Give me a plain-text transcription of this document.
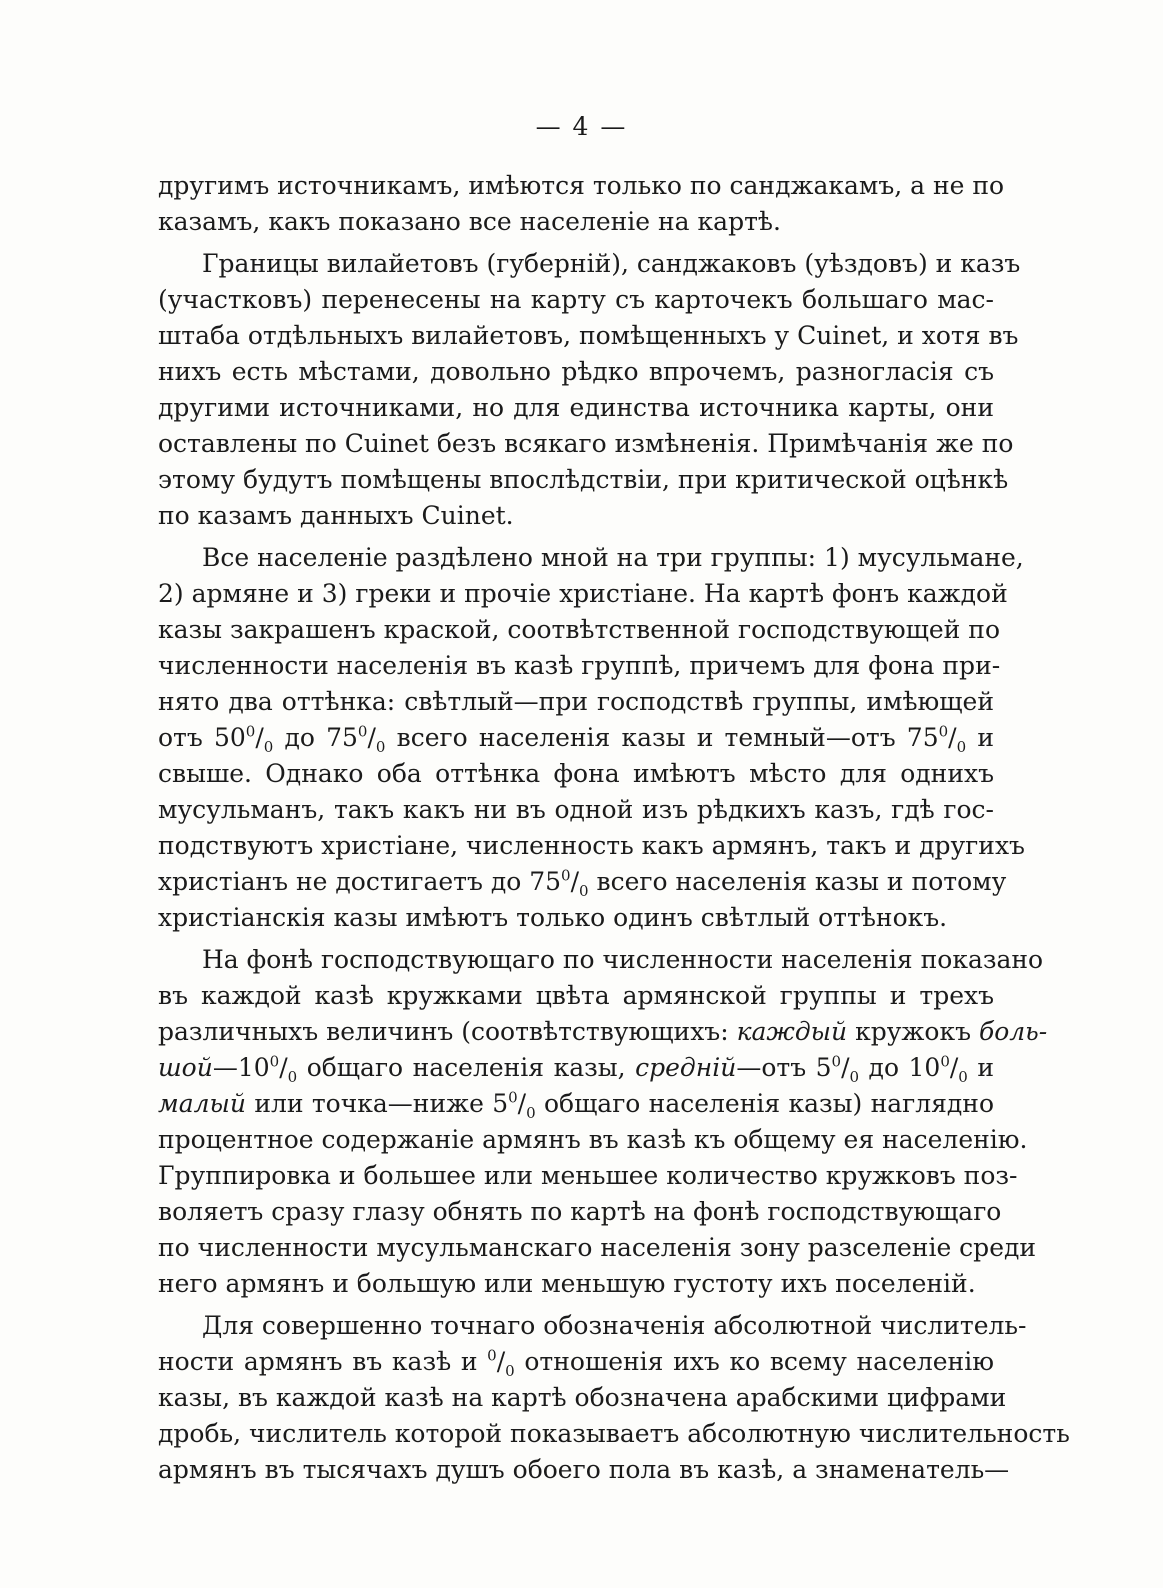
— 4 —
другимъ источникамъ, имѣются только по санджакамъ, а не по
казамъ, какъ показано все населеніе на картѣ.
Границы вилайетовъ (губерній), санджаковъ (уѣздовъ) и казъ
(участковъ) перенесены на карту съ карточекъ большаго мас-
штаба отдѣльныхъ вилайетовъ, помѣщенныхъ у Cuinet, и хотя въ
нихъ есть мѣстами, довольно рѣдко впрочемъ, разногласія съ
другими источниками, но для единства источника карты, они
оставлены по Cuinet безъ всякаго измѣненія. Примѣчанія же по
этому будутъ помѣщены впослѣдствіи, при критической оцѣнкѣ
по казамъ данныхъ Cuinet.
Все населеніе раздѣлено мной на три группы: 1) мусульмане,
2) армяне и 3) греки и прочіе христіане. На картѣ фонъ каждой
казы закрашенъ краской, соотвѣтственной господствующей по
численности населенія въ казѣ группѣ, причемъ для фона при-
нято два оттѣнка: свѣтлый—при господствѣ группы, имѣющей
отъ $50^0/_0$ до $75^0/_0$ всего населенія казы и темный—отъ $75^0/_0$ и
свыше. Однако оба оттѣнка фона имѣютъ мѣсто для однихъ
мусульманъ, такъ какъ ни въ одной изъ рѣдкихъ казъ, гдѣ гос-
подствуютъ христіане, численность какъ армянъ, такъ и другихъ
христіанъ не достигаетъ до $75^0/_0$ всего населенія казы и потому
христіанскія казы имѣютъ только одинъ свѣтлый оттѣнокъ.
На фонѣ господствующаго по численности населенія показано
въ каждой казѣ кружками цвѣта армянской группы и трехъ
различныхъ величинъ (соотвѣтствующихъ: каждый кружокъ боль-
$шой—10^0/_0$ общаго населенія казы, средній—отъ $5^0/_0$ до $10^0/_0$ и
малый или точка—ниже $5^0/_0$ общаго населенія казы) наглядно
процентное содержаніе армянъ въ казѣ къ общему ея населенію.
Группировка и большее или меньшее количество кружковъ поз-
воляетъ сразу глазу обнять по картѣ на фонѣ господствующаго
по численности мусульманскаго населенія зону разселеніе среди
него армянъ и большую или меньшую густоту ихъ поселеній.
Для совершенно точнаго обозначенія абсолютной числитель-
ности армянъ въ казѣ и $^0/_0$ отношенія ихъ ко всему населенію
казы, въ каждой казѣ на картѣ обозначена арабскими цифрами
дробь, числитель которой показываетъ абсолютную числительность
армянъ въ тысячахъ душъ обоего пола въ казѣ, а знаменатель—
